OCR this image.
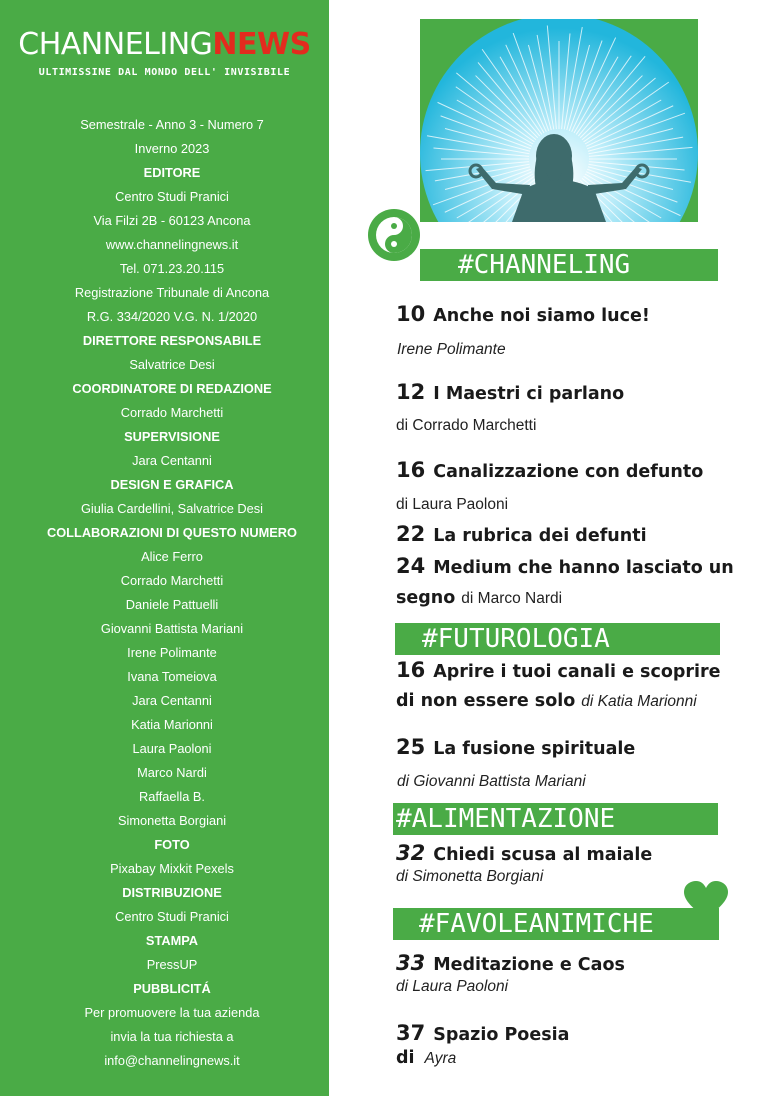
CHANNELINGNEWS
ULTIMISSINE DAL MONDO DELL' INVISIBILE
Semestrale - Anno 3 - Numero 7
Inverno 2023
EDITORE
Centro Studi Pranici
Via Filzi 2B - 60123 Ancona
www.channelingnews.it
Tel. 071.23.20.115
Registrazione Tribunale di Ancona
R.G. 334/2020 V.G. N. 1/2020
DIRETTORE RESPONSABILE
Salvatrice Desi
COORDINATORE DI REDAZIONE
Corrado Marchetti
SUPERVISIONE
Jara Centanni
DESIGN E GRAFICA
Giulia Cardellini, Salvatrice Desi
COLLABORAZIONI DI QUESTO NUMERO
Alice Ferro
Corrado Marchetti
Daniele Pattuelli
Giovanni Battista Mariani
Irene Polimante
Ivana Tomeiova
Jara Centanni
Katia Marionni
Laura Paoloni
Marco Nardi
Raffaella B.
Simonetta Borgiani
FOTO
Pixabay Mixkit Pexels
DISTRIBUZIONE
Centro Studi Pranici
STAMPA
PressUP
PUBBLICITÁ
Per promuovere la tua azienda
invia la tua richiesta a
info@channelingnews.it
#CHANNELING
#FUTUROLOGIA
#ALIMENTAZIONE
#FAVOLEANIMICHE
10 Anche noi siamo luce!
Irene Polimante
12 I Maestri ci parlano
di Corrado Marchetti
16 Canalizzazione con defunto
di Laura Paoloni
22 La rubrica dei defunti
24 Medium che hanno lasciato un
segno di Marco Nardi
16 Aprire i tuoi canali e scoprire
di non essere solo di Katia Marionni
25 La fusione spirituale
di Giovanni Battista Mariani
32 Chiedi scusa al maiale
di Simonetta Borgiani
33 Meditazione e Caos
di Laura Paoloni
37 Spazio Poesia
di Ayra
